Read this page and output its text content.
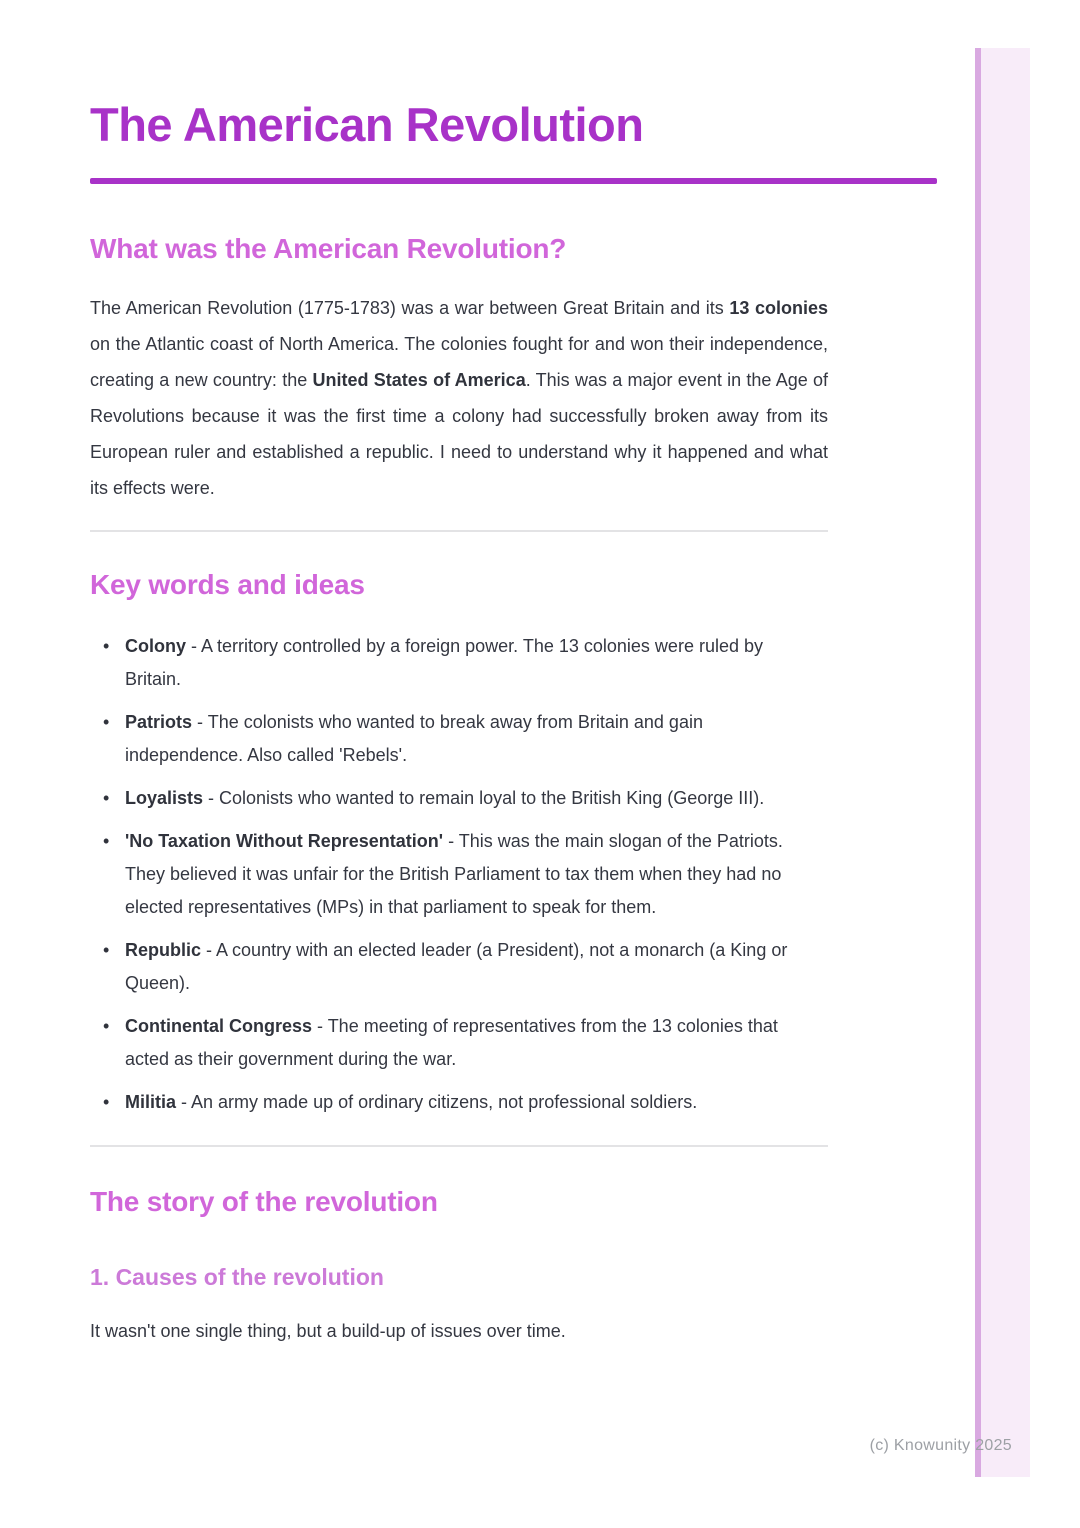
(c) Knowunity 2025
The American Revolution
What was the American Revolution?

The American Revolution (1775-1783) was a war between Great Britain and its 13 colonies on the Atlantic coast of North America. The colonies fought for and won their independence, creating a new country: the United States of America. This was a major event in the Age of Revolutions because it was the first time a colony had successfully broken away from its European ruler and established a republic. I need to understand why it happened and what its effects were.

Key words and ideas
• Colony - A territory controlled by a foreign power. The 13 colonies were ruled by Britain.
• Patriots - The colonists who wanted to break away from Britain and gain independence. Also called 'Rebels'.
• Loyalists - Colonists who wanted to remain loyal to the British King (George III).
• 'No Taxation Without Representation' - This was the main slogan of the Patriots. They believed it was unfair for the British Parliament to tax them when they had no elected representatives (MPs) in that parliament to speak for them.
• Republic - A country with an elected leader (a President), not a monarch (a King or Queen).
• Continental Congress - The meeting of representatives from the 13 colonies that acted as their government during the war.
• Militia - An army made up of ordinary citizens, not professional soldiers.
The story of the revolution
1. Causes of the revolution

It wasn't one single thing, but a build-up of issues over time.
